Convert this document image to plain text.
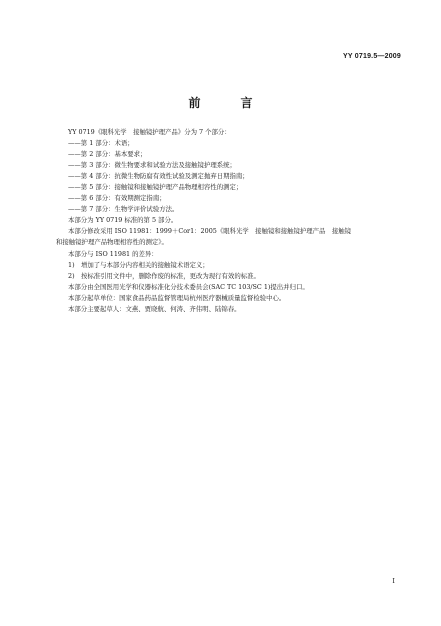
YY 0719.5—2009
前　言
YY 0719《眼科光学　接触镜护理产品》分为 7 个部分：
——第 1 部分：术语；
——第 2 部分：基本要求；
——第 3 部分：微生物要求和试验方法及接触镜护理系统；
——第 4 部分：抗微生物防腐有效性试验及测定抛弃日期指南；
——第 5 部分：接触镜和接触镜护理产品物理相容性的测定；
——第 6 部分：有效期测定指南；
——第 7 部分：生物学评价试验方法。
本部分为 YY 0719 标准的第 5 部分。
本部分修改采用 ISO 11981：1999＋Cor1：2005《眼科光学　接触镜和接触镜护理产品　接触镜
和接触镜护理产品物理相容性的测定》。
本部分与 ISO 11981 的差异：
1)　增加了与本部分内容相关的接触镜术语定义；
2)　按标准引用文件中，删除作废的标准，更改为现行有效的标准。
本部分由全国医用光学和仪器标准化分技术委员会(SAC TC 103/SC 1)提出并归口。
本部分起草单位：国家食品药品监督管理局杭州医疗器械质量监督检验中心。
本部分主要起草人：文燕、贾晓航、何涛、齐伟明、陆锦春。
Ⅰ
